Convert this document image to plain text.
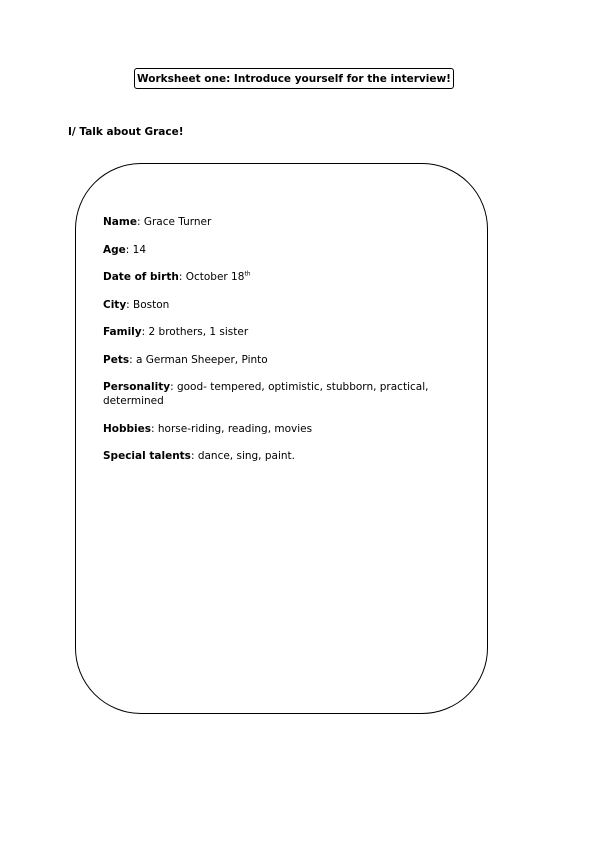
Worksheet one: Introduce yourself for the interview!
I/ Talk about Grace!
Name: Grace Turner
Age: 14
Date of birth: October 18th
City: Boston
Family: 2 brothers, 1 sister
Pets: a German Sheeper, Pinto
Personality: good- tempered, optimistic, stubborn, practical, determined
Hobbies: horse-riding, reading, movies
Special talents: dance, sing, paint.
